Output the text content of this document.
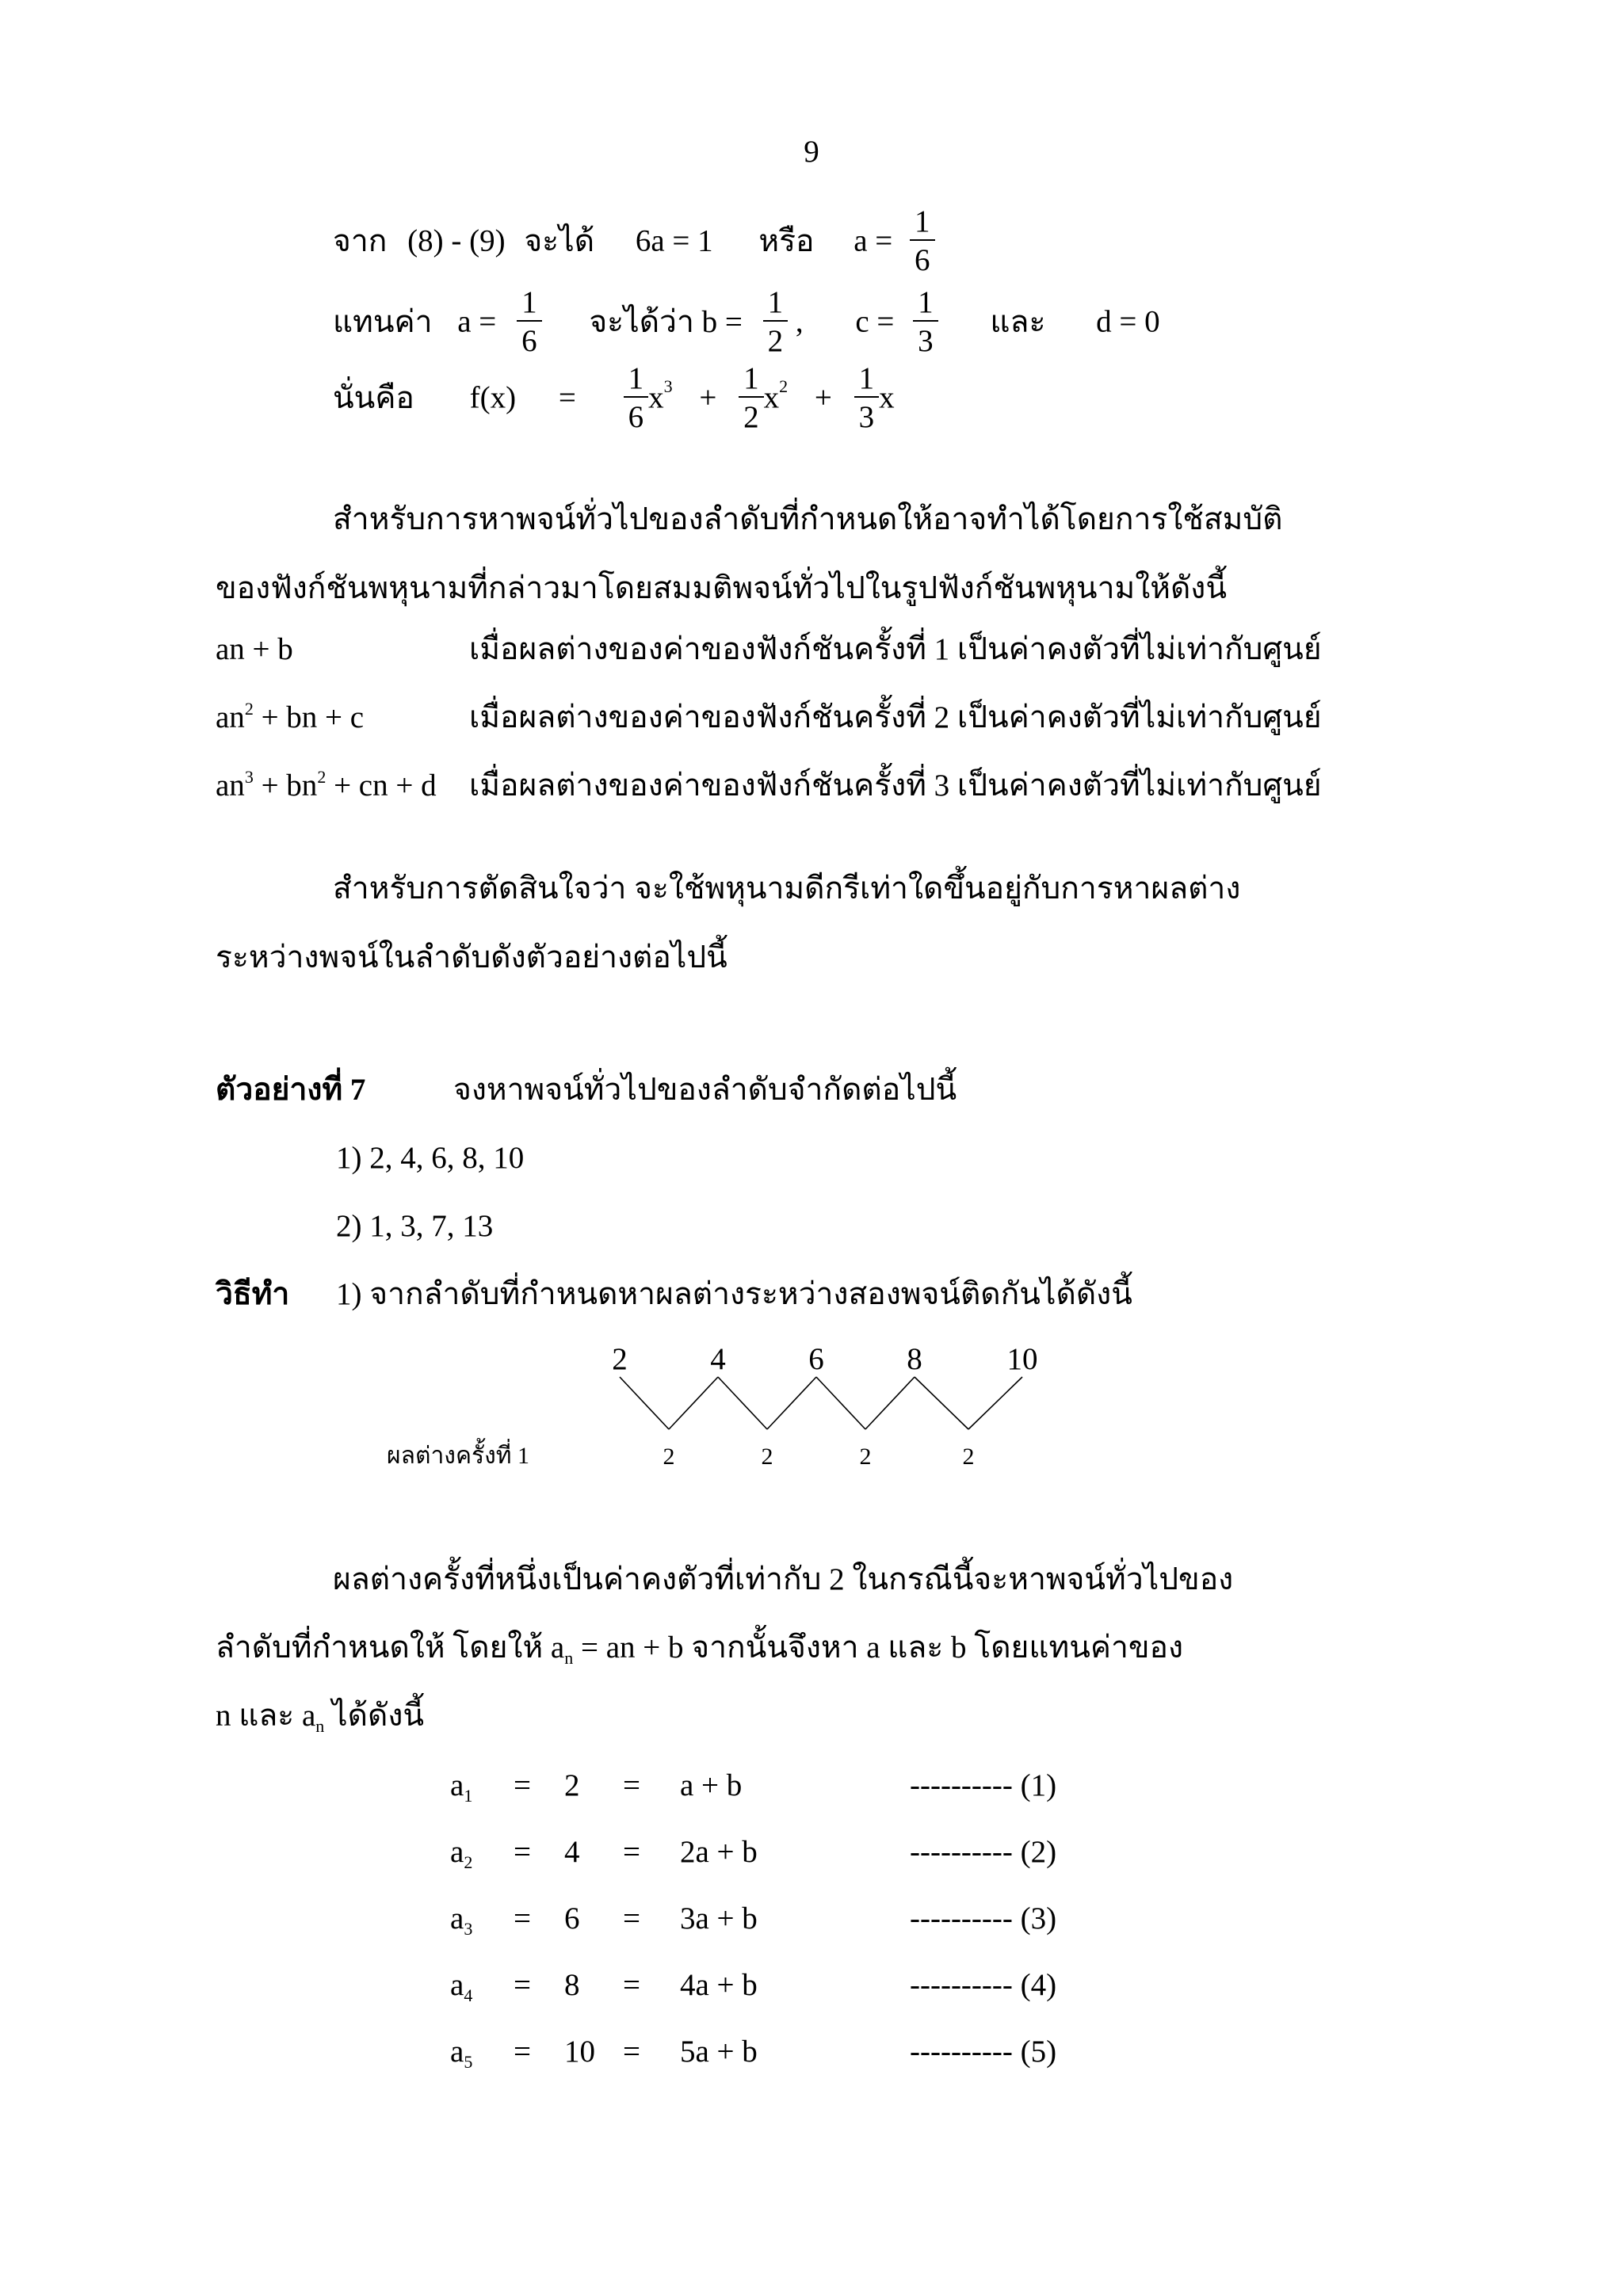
9
จาก (8) - (9) จะได้ 6a = 1 หรือ $a = \frac{1}{6}$
แทนค่า $a = \frac{1}{6}$ จะได้ว่า $b = \frac{1}{2}$ , $c = \frac{1}{3}$ และ d = 0
นั่นคือ $f(x) = \frac{1}{6} x^3 + \frac{1}{2} x^2 + \frac{1}{3}$ x

สำหรับการหาพจน์ทั่วไปของลำดับที่กำหนดให้อาจทำได้โดยการใช้สมบัติของฟังก์ชันพหุนามที่กล่าวมาโดยสมมติพจน์ทั่วไปในรูปฟังก์ชันพหุนามให้ดังนี้

an + b	เมื่อผลต่างของค่าของฟังก์ชันครั้งที่ 1 เป็นค่าคงตัวที่ไม่เท่ากับศูนย์
$an^2$ + bn + c	เมื่อผลต่างของค่าของฟังก์ชันครั้งที่ 2 เป็นค่าคงตัวที่ไม่เท่ากับศูนย์
$an^3 + bn^2$ + cn + d เมื่อผลต่างของค่าของฟังก์ชันครั้งที่ 3 เป็นค่าคงตัวที่ไม่เท่ากับศูนย์

สำหรับการตัดสินใจว่า จะใช้พหุนามดีกรีเท่าใดขึ้นอยู่กับการหาผลต่างระหว่างพจน์ในลำดับดังตัวอย่างต่อไปนี้

ตัวอย่างที่ 7	จงหาพจน์ทั่วไปของลำดับจำกัดต่อไปนี้
1) 2, 4, 6, 8, 10
2) 1, 3, 7, 13
วิธีทำ 1) จากลำดับที่กำหนดหาผลต่างระหว่างสองพจน์ติดกันได้ดังนี้
2	4	6	8	10
2	2	2	2
ผลต่างครั้งที่ 1
ผลต่างครั้งที่หนึ่งเป็นค่าคงตัวที่เท่ากับ 2 ในกรณีนี้จะหาพจน์ทั่วไปของ
ลำดับที่กำหนดให้ โดยให้ $a_n$ = an + b จากนั้นจึงหา a และ b โดยแทนค่าของ
n และ $a_n$ ได้ดังนี้
$a_1 = 2 = a + b$	---------- (1)
$a_2 = 4 = 2a + b$	---------- (2)
$a_3 = 6 = 3a + b$	---------- (3)
$a_4 = 8 = 4a + b$	---------- (4)
$a_5 = 10 = 5a + b$	---------- (5)
